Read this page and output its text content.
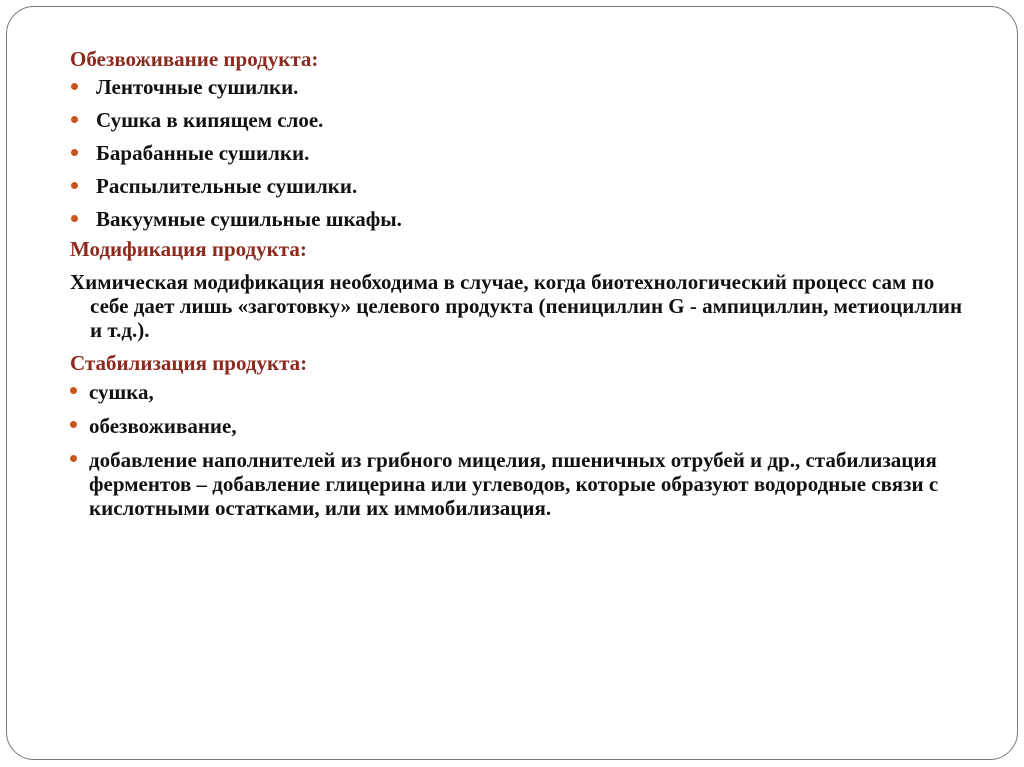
Обезвоживание продукта:
Ленточные сушилки.
Сушка в кипящем слое.
Барабанные сушилки.
Распылительные сушилки.
Вакуумные сушильные шкафы.
Модификация продукта:
Химическая модификация необходима в случае, когда биотехнологический процесс сам по себе дает лишь «заготовку» целевого продукта (пенициллин G - ампициллин, метиоциллин и т.д.).
Стабилизация продукта:
сушка,
обезвоживание,
добавление наполнителей из грибного мицелия, пшеничных отрубей и др., стабилизация ферментов – добавление глицерина или углеводов, которые образуют водородные связи с кислотными остатками, или их иммобилизация.
